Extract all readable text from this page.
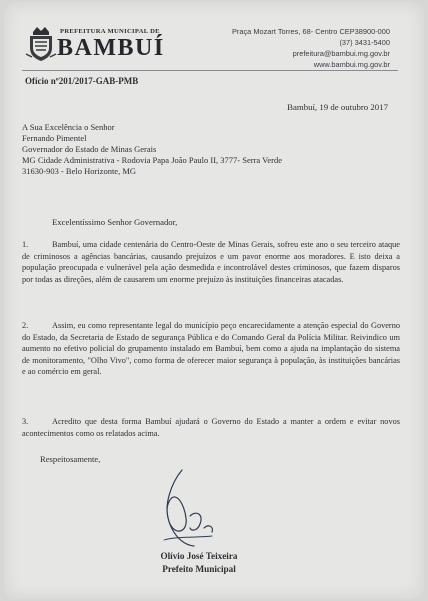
PREFEITURA MUNICIPAL DE
BAMBUÍ
Praça Mozart Torres, 68- Centro CEP38900-000
(37) 3431-5400
prefeitura@bambui.mg.gov.br
www.bambui.mg.gov.br
Ofício nº201/2017-GAB-PMB
Bambuí, 19 de outubro 2017
A Sua Excelência o Senhor
Fernando Pimentel
Governador do Estado de Minas Gerais
MG Cidade Administrativa - Rodovia Papa João Paulo II, 3777- Serra Verde
31630-903 - Belo Horizonte, MG
Excelentíssimo Senhor Governador,
1.	Bambuí, uma cidade centenária do Centro-Oeste de Minas Gerais, sofreu este ano o seu terceiro ataque de criminosos a agências bancárias, causando prejuízos e um pavor enorme aos moradores. E isto deixa a população preocupada e vulnerável pela ação desmedida e incontrolável destes criminosos, que fazem disparos por todas as direções, além de causarem um enorme prejuízo às instituições financeiras atacadas.
2.	Assim, eu como representante legal do município peço encarecidamente a atenção especial do Governo do Estado, da Secretaria de Estado de segurança Pública e do Comando Geral da Polícia Militar. Reivindico um aumento no efetivo policial do grupamento instalado em Bambuí, bem como a ajuda na implantação do sistema de monitoramento, "Olho Vivo", como forma de oferecer maior segurança à população, às instituições bancárias e ao comércio em geral.
3.	Acredito que desta forma Bambuí ajudará o Governo do Estado a manter a ordem e evitar novos acontecimentos como os relatados acima.
Respeitosamente,
Olívio José Teixeira
Prefeito Municipal
